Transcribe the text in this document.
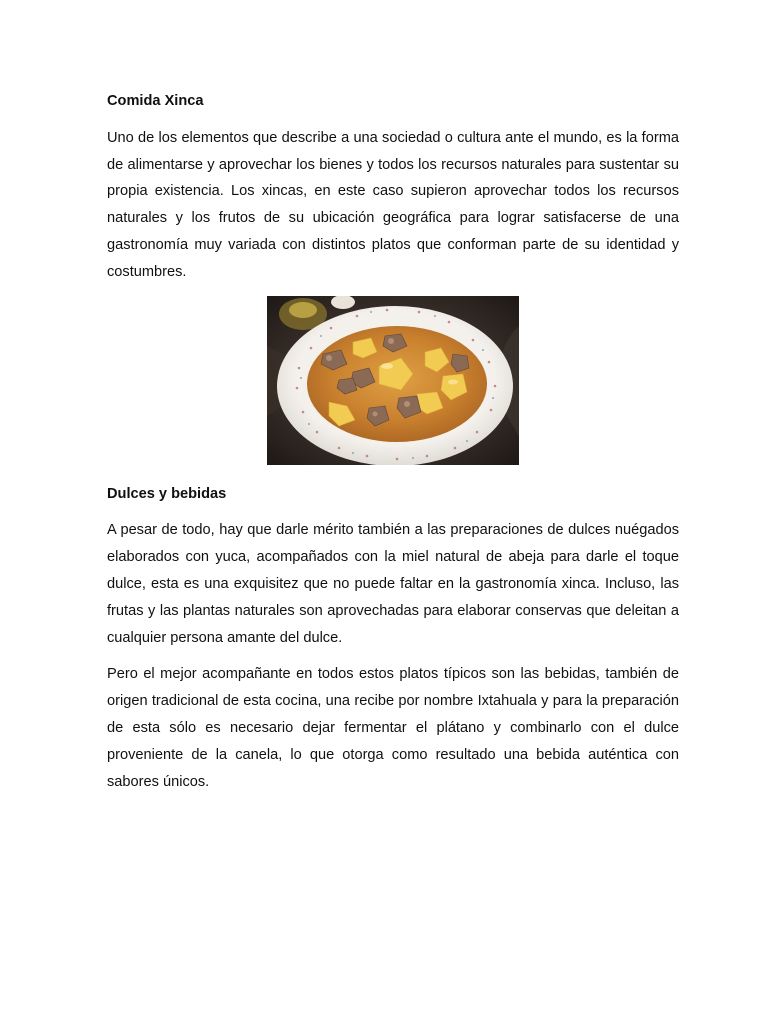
Comida Xinca

Uno de los elementos que describe a una sociedad o cultura ante el mundo, es la forma de alimentarse y aprovechar los bienes y todos los recursos naturales para sustentar su propia existencia. Los xincas, en este caso supieron aprovechar todos los recursos naturales y los frutos de su ubicación geográfica para lograr satisfacerse de una gastronomía muy variada con distintos platos que conforman parte de su identidad y costumbres.

Dulces y bebidas

A pesar de todo, hay que darle mérito también a las preparaciones de dulces nuégados elaborados con yuca, acompañados con la miel natural de abeja para darle el toque dulce, esta es una exquisitez que no puede faltar en la gastronomía xinca. Incluso, las frutas y las plantas naturales son aprovechadas para elaborar conservas que deleitan a cualquier persona amante del dulce.

Pero el mejor acompañante en todos estos platos típicos son las bebidas, también de origen tradicional de esta cocina, una recibe por nombre Ixtahuala y para la preparación de esta sólo es necesario dejar fermentar el plátano y combinarlo con el dulce proveniente de la canela, lo que otorga como resultado una bebida auténtica con sabores únicos.
